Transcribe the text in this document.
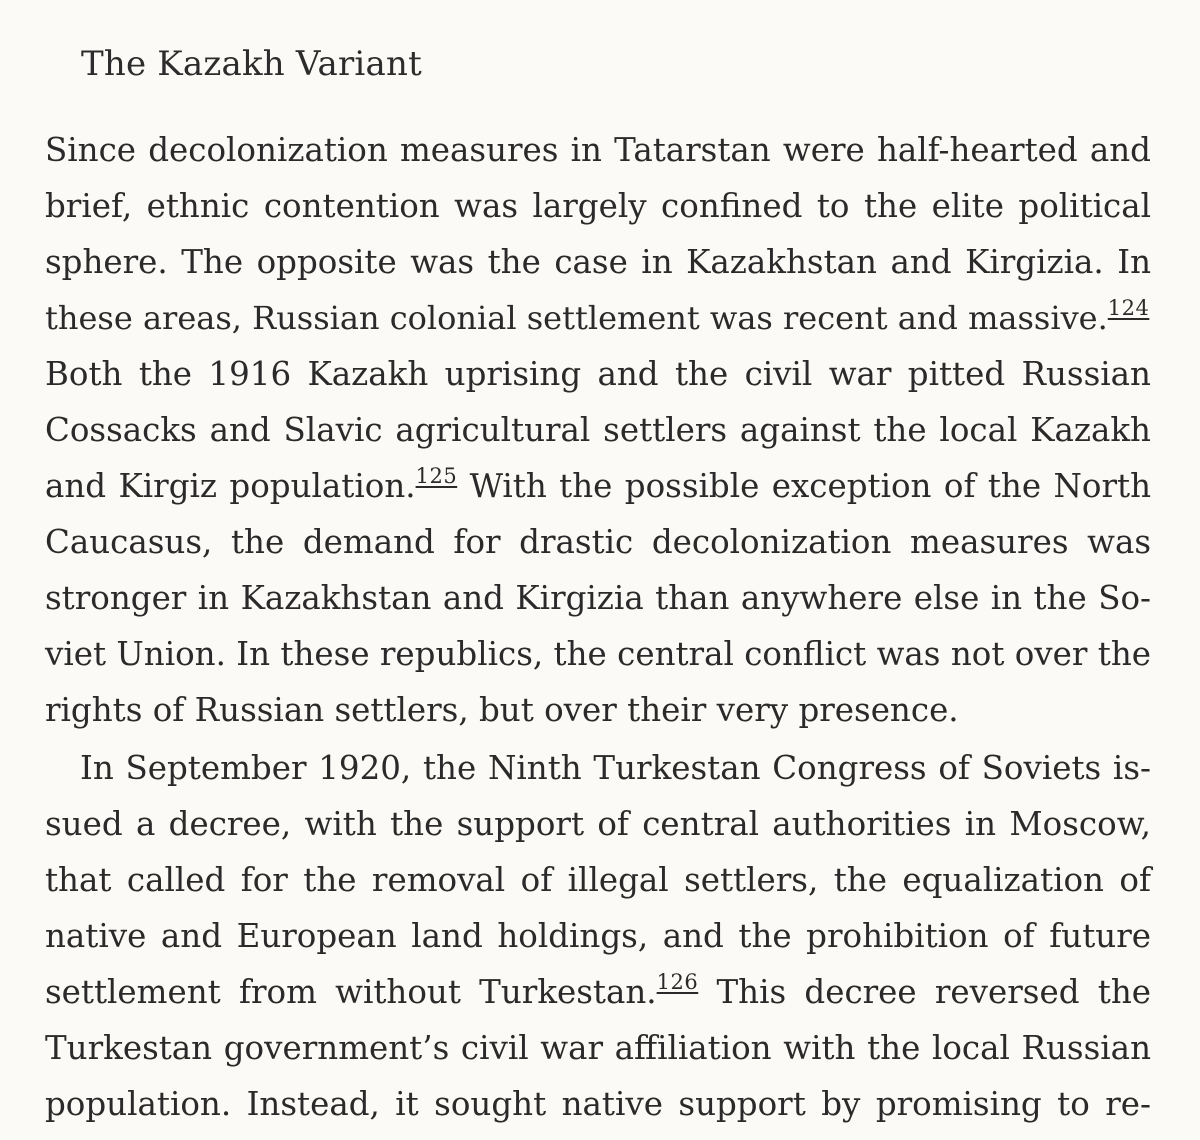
The Kazakh Variant
Since decolonization measures in Tatarstan were half-hearted and
brief, ethnic contention was largely confined to the elite political
sphere. The opposite was the case in Kazakhstan and Kirgizia. In
these areas, Russian colonial settlement was recent and massive.$^{124}$
Both the 1916 Kazakh uprising and the civil war pitted Russian
Cossacks and Slavic agricultural settlers against the local Kazakh
and Kirgiz population.$^{125}$ With the possible exception of the North
Caucasus, the demand for drastic decolonization measures was
stronger in Kazakhstan and Kirgizia than anywhere else in the So-
viet Union. In these republics, the central conflict was not over the
rights of Russian settlers, but over their very presence.
In September 1920, the Ninth Turkestan Congress of Soviets is-
sued a decree, with the support of central authorities in Moscow,
that called for the removal of illegal settlers, the equalization of
native and European land holdings, and the prohibition of future
settlement from without Turkestan.$^{126}$ This decree reversed the
Turkestan government’s civil war affiliation with the local Russian
population. Instead, it sought native support by promising to re-
